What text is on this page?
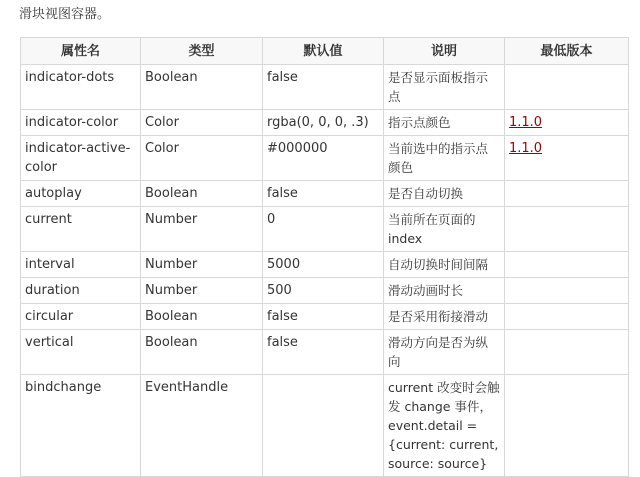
滑块视图容器。
属性名	类型	默认值	说明	最低版本
indicator-dots	Boolean	false	是否显示面板指示点	
indicator-color	Color	rgba(0, 0, 0, .3)	指示点颜色	1.1.0
indicator-active-color	Color	#000000	当前选中的指示点颜色	1.1.0
autoplay	Boolean	false	是否自动切换	
current	Number	0	当前所在页面的 index	
interval	Number	5000	自动切换时间间隔	
duration	Number	500	滑动动画时长	
circular	Boolean	false	是否采用衔接滑动	
vertical	Boolean	false	滑动方向是否为纵向	
bindchange	EventHandle		current 改变时会触发 change 事件，event.detail = {current: current, source: source}	
